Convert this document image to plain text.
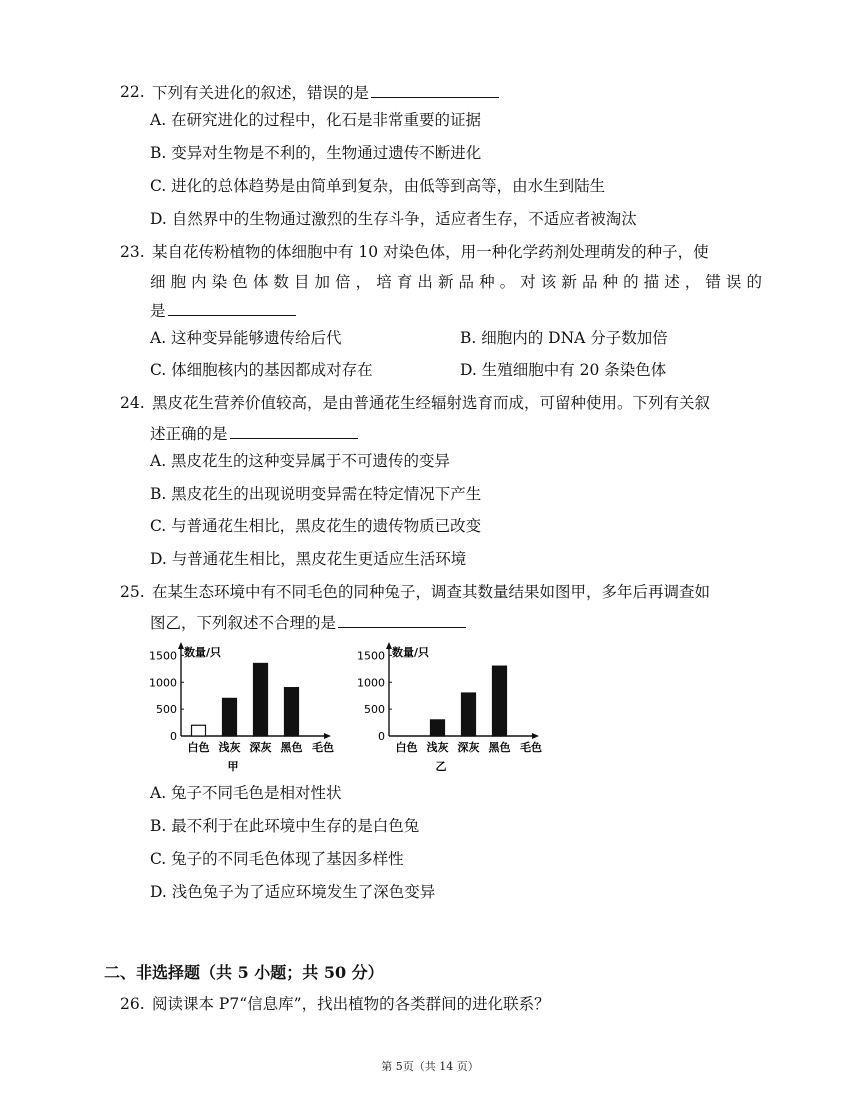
22. 下列有关进化的叙述，错误的是
A. 在研究进化的过程中，化石是非常重要的证据
B. 变异对生物是不利的，生物通过遗传不断进化
C. 进化的总体趋势是由简单到复杂，由低等到高等，由水生到陆生
D. 自然界中的生物通过激烈的生存斗争，适应者生存，不适应者被淘汰
23. 某自花传粉植物的体细胞中有 10 对染色体，用一种化学药剂处理萌发的种子，使
细胞内染色体数目加倍，培育出新品种。对该新品种的描述，错误的
是
A. 这种变异能够遗传给后代	B. 细胞内的 DNA 分子数加倍
C. 体细胞核内的基因都成对存在	D. 生殖细胞中有 20 条染色体
24. 黑皮花生营养价值较高，是由普通花生经辐射选育而成，可留种使用。下列有关叙
述正确的是
A. 黑皮花生的这种变异属于不可遗传的变异
B. 黑皮花生的出现说明变异需在特定情况下产生
C. 与普通花生相比，黑皮花生的遗传物质已改变
D. 与普通花生相比，黑皮花生更适应生活环境
25. 在某生态环境中有不同毛色的同种兔子，调查其数量结果如图甲，多年后再调查如
图乙，下列叙述不合理的是
数量/只
0
500
1000
1500
白色 浅灰 深灰 黑色 毛色
甲
数量/只
0
500
1000
1500
白色 浅灰 深灰 黑色 毛色
乙
A. 兔子不同毛色是相对性状
B. 最不利于在此环境中生存的是白色兔
C. 兔子的不同毛色体现了基因多样性
D. 浅色兔子为了适应环境发生了深色变异
二、非选择题（共 5 小题；共 50 分）
26. 阅读课本 P7“信息库”，找出植物的各类群间的进化联系？
第 5页（共 14 页）
